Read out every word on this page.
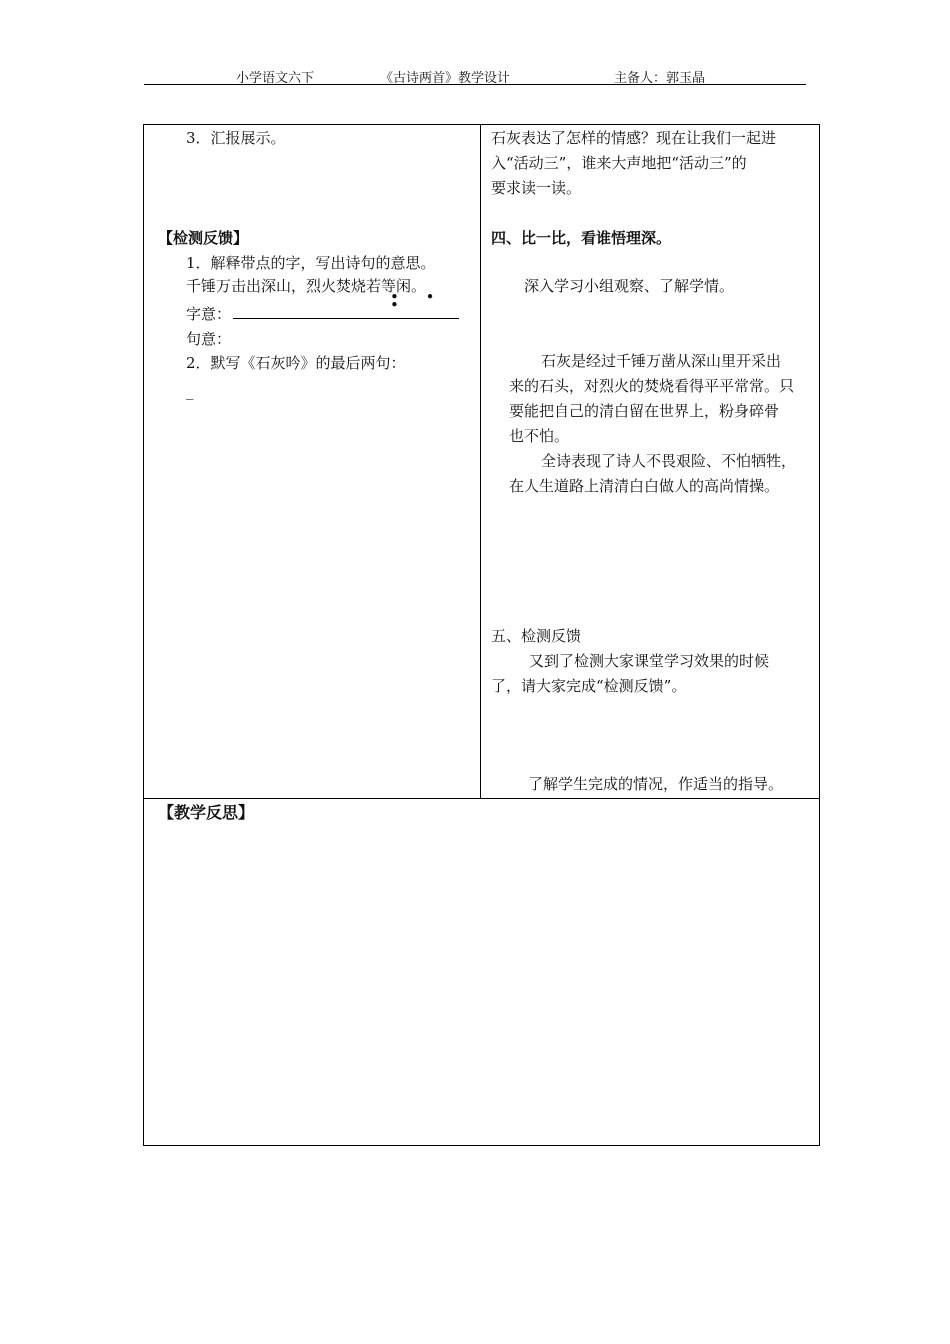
小学语文六下	《古诗两首》教学设计	主备人：郭玉晶
3．汇报展示。
【检测反馈】
1．解释带点的字，写出诗句的意思。
千锤万击出深山，烈火焚烧若等闲。
• • •
字意：
句意：
2．默写《石灰吟》的最后两句：
_
石灰表达了怎样的情感？现在让我们一起进
入“活动三”，谁来大声地把“活动三”的
要求读一读。
四、比一比，看谁悟理深。
深入学习小组观察、了解学情。
石灰是经过千锤万凿从深山里开采出
来的石头，对烈火的焚烧看得平平常常。只
要能把自己的清白留在世界上，粉身碎骨
也不怕。
全诗表现了诗人不畏艰险、不怕牺牲，
在人生道路上清清白白做人的高尚情操。
五、检测反馈
又到了检测大家课堂学习效果的时候
了，请大家完成“检测反馈”。
了解学生完成的情况，作适当的指导。
【教学反思】
